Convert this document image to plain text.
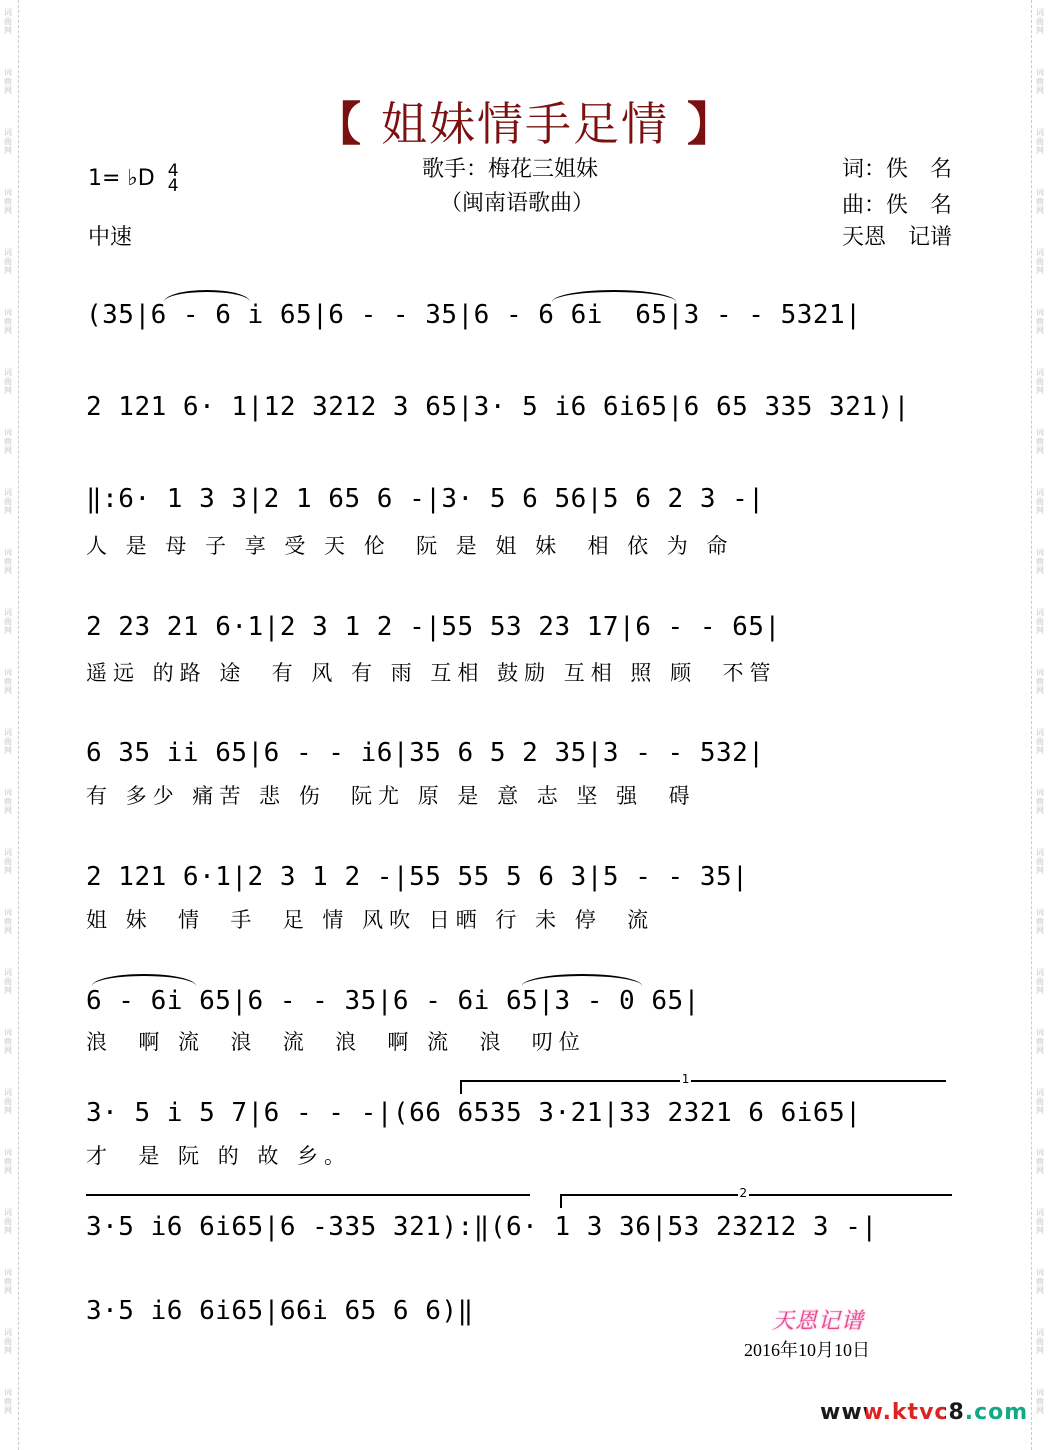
词曲网
词曲网
词曲网
词曲网
词曲网
词曲网
词曲网
词曲网
词曲网
词曲网
词曲网
词曲网
词曲网
词曲网
词曲网
词曲网
词曲网
词曲网
词曲网
词曲网
词曲网
词曲网
词曲网
词曲网
词曲网
词曲网
词曲网
词曲网
词曲网
词曲网
词曲网
词曲网
词曲网
词曲网
词曲网
词曲网
词曲网
词曲网
词曲网
词曲网
词曲网
词曲网
词曲网
词曲网
词曲网
词曲网
词曲网
词曲网
【 姐妹情手足情 】
1= ♭D 4
4
中速
歌手：梅花三姐妹
（闽南语歌曲）
词：佚　名
曲：佚　名
天恩　记谱
(35|6 - 6 i 65|6 - - 35|6 - 6 6i  65|3 - - 5321|
2 121 6· 1|12 3212 3 65|3· 5 i6 6i65|6 65 335 321)|
‖:6· 1 3 3|2 1 65 6 -|3· 5 6 56|5 6 2 3 -|
人 是 母 子 享 受 天 伦  阮 是 姐 妹  相 依 为 命
2 23 21 6·1|2 3 1 2 -|55 53 23 17|6 - - 65|
遥远 的路 途  有 风 有 雨 互相 鼓励 互相 照 顾  不管
6 35 ii 65|6 - - i6|35 6 5 2 35|3 - - 532|
有 多少 痛苦 悲 伤  阮尤 原 是 意 志 坚 强  碍
2 121 6·1|2 3 1 2 -|55 55 5 6 3|5 - - 35|
姐 妹  情  手  足 情 风吹 日晒 行 未 停  流
6 - 6i 65|6 - - 35|6 - 6i 65|3 - 0 65|
浪  啊 流  浪  流  浪  啊 流  浪  叨位
1
3· 5 i 5 7|6 - - -|(66 6535 3·21|33 2321 6 6i65|
才  是 阮 的 故 乡。
2
3·5 i6 6i65|6 -335 321):‖(6· 1 3 36|53 23212 3 -|
3·5 i6 6i65|66i 65 6 6)‖	天恩记谱
2016年10月10日
www.ktvc8.com
